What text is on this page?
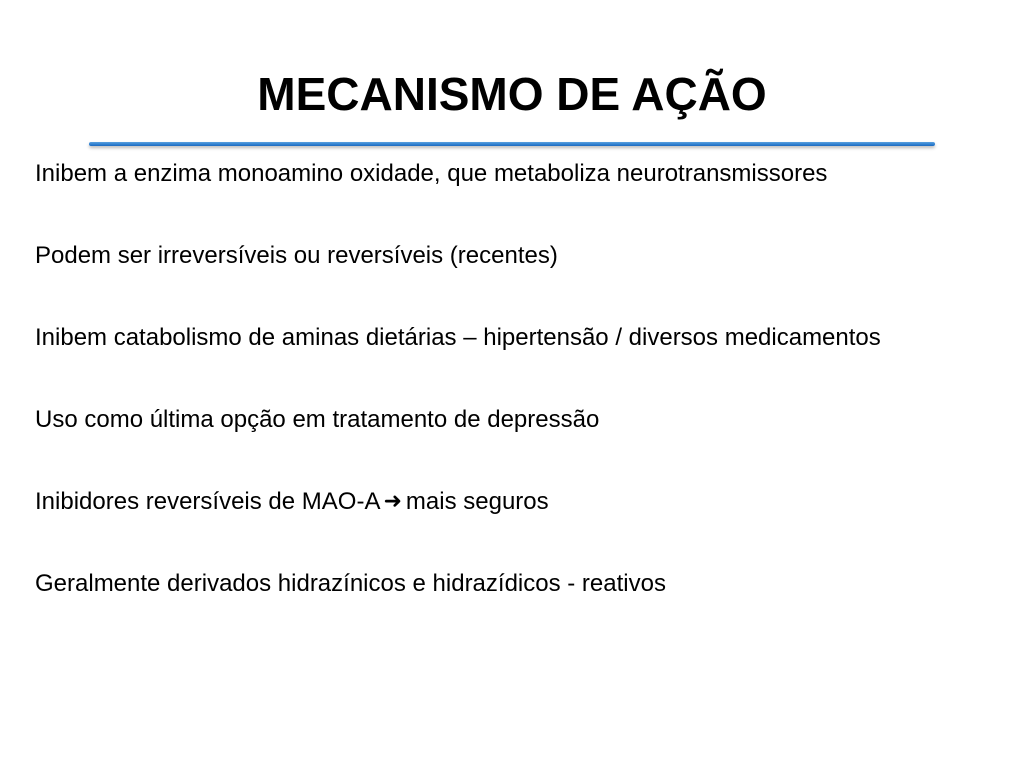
MECANISMO DE AÇÃO
Inibem a enzima monoamino oxidade, que metaboliza neurotransmissores
Podem ser irreversíveis ou reversíveis (recentes)
Inibem catabolismo de aminas dietárias – hipertensão / diversos medicamentos
Uso como última opção em tratamento de depressão
Inibidores reversíveis de MAO-A ➜ mais seguros
Geralmente derivados hidrazínicos e hidrazídicos - reativos
